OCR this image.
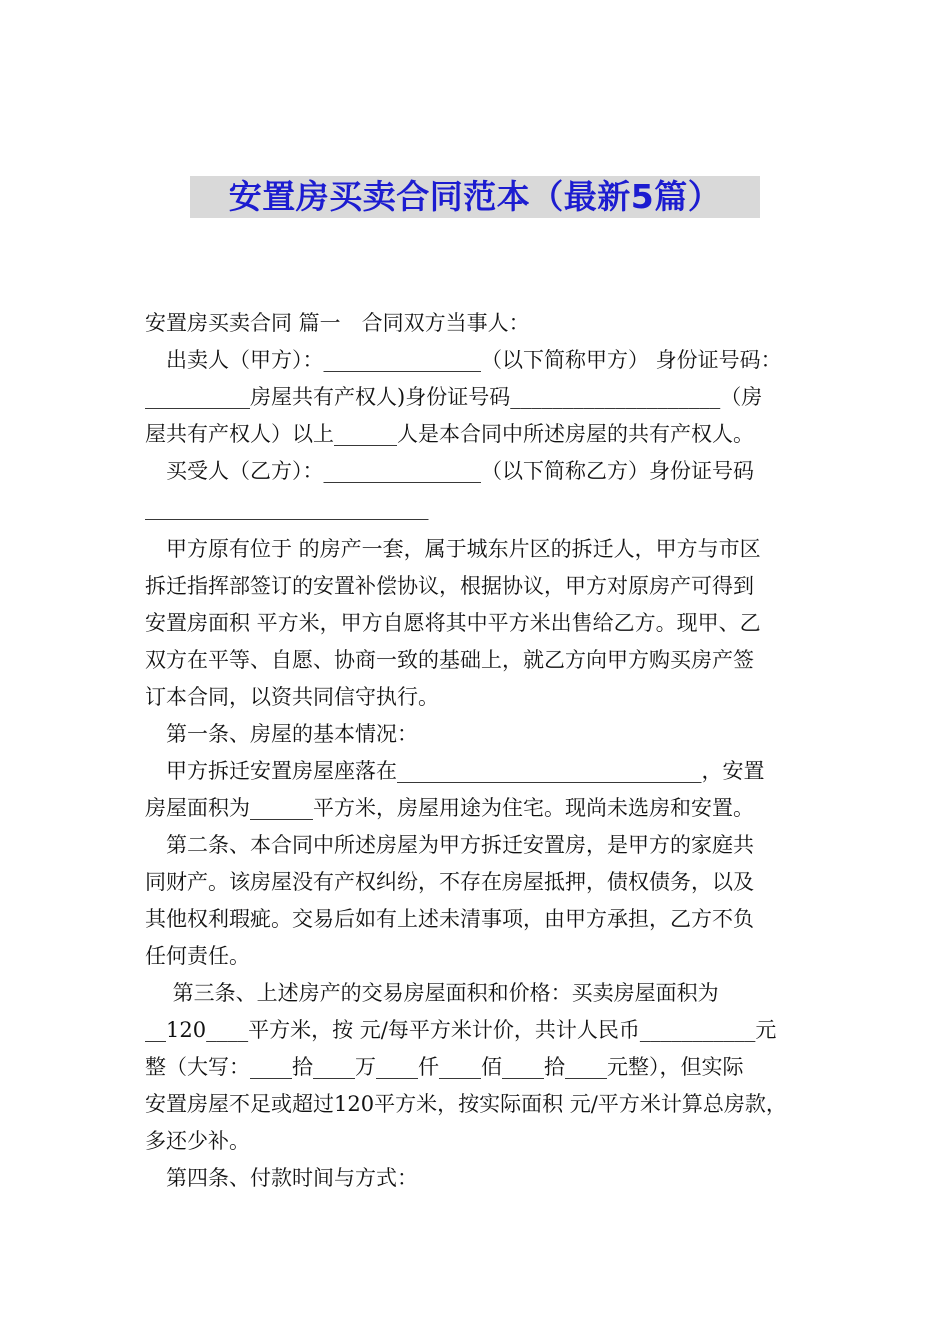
安置房买卖合同范本（最新5篇）
安置房买卖合同 篇一　合同双方当事人：
　出卖人（甲方）：_______________（以下简称甲方） 身份证号码：
__________房屋共有产权人)身份证号码____________________（房
屋共有产权人）以上______人是本合同中所述房屋的共有产权人。
　买受人（乙方）：_______________（以下简称乙方）身份证号码
___________________________
　甲方原有位于 的房产一套，属于城东片区的拆迁人，甲方与市区
拆迁指挥部签订的安置补偿协议，根据协议，甲方对原房产可得到
安置房面积 平方米，甲方自愿将其中平方米出售给乙方。现甲、乙
双方在平等、自愿、协商一致的基础上，就乙方向甲方购买房产签
订本合同，以资共同信守执行。
　第一条、房屋的基本情况：
　甲方拆迁安置房屋座落在_____________________________，安置
房屋面积为______平方米，房屋用途为住宅。现尚未选房和安置。
　第二条、本合同中所述房屋为甲方拆迁安置房，是甲方的家庭共
同财产。该房屋没有产权纠纷，不存在房屋抵押，债权债务，以及
其他权利瑕疵。交易后如有上述未清事项，由甲方承担，乙方不负
任何责任。
　 第三条、上述房产的交易房屋面积和价格：买卖房屋面积为
__120____平方米，按 元/每平方米计价，共计人民币___________元
整（大写：____拾____万____仟____佰____拾____元整），但实际
安置房屋不足或超过120平方米，按实际面积 元/平方米计算总房款，
多还少补。
　第四条、付款时间与方式：
